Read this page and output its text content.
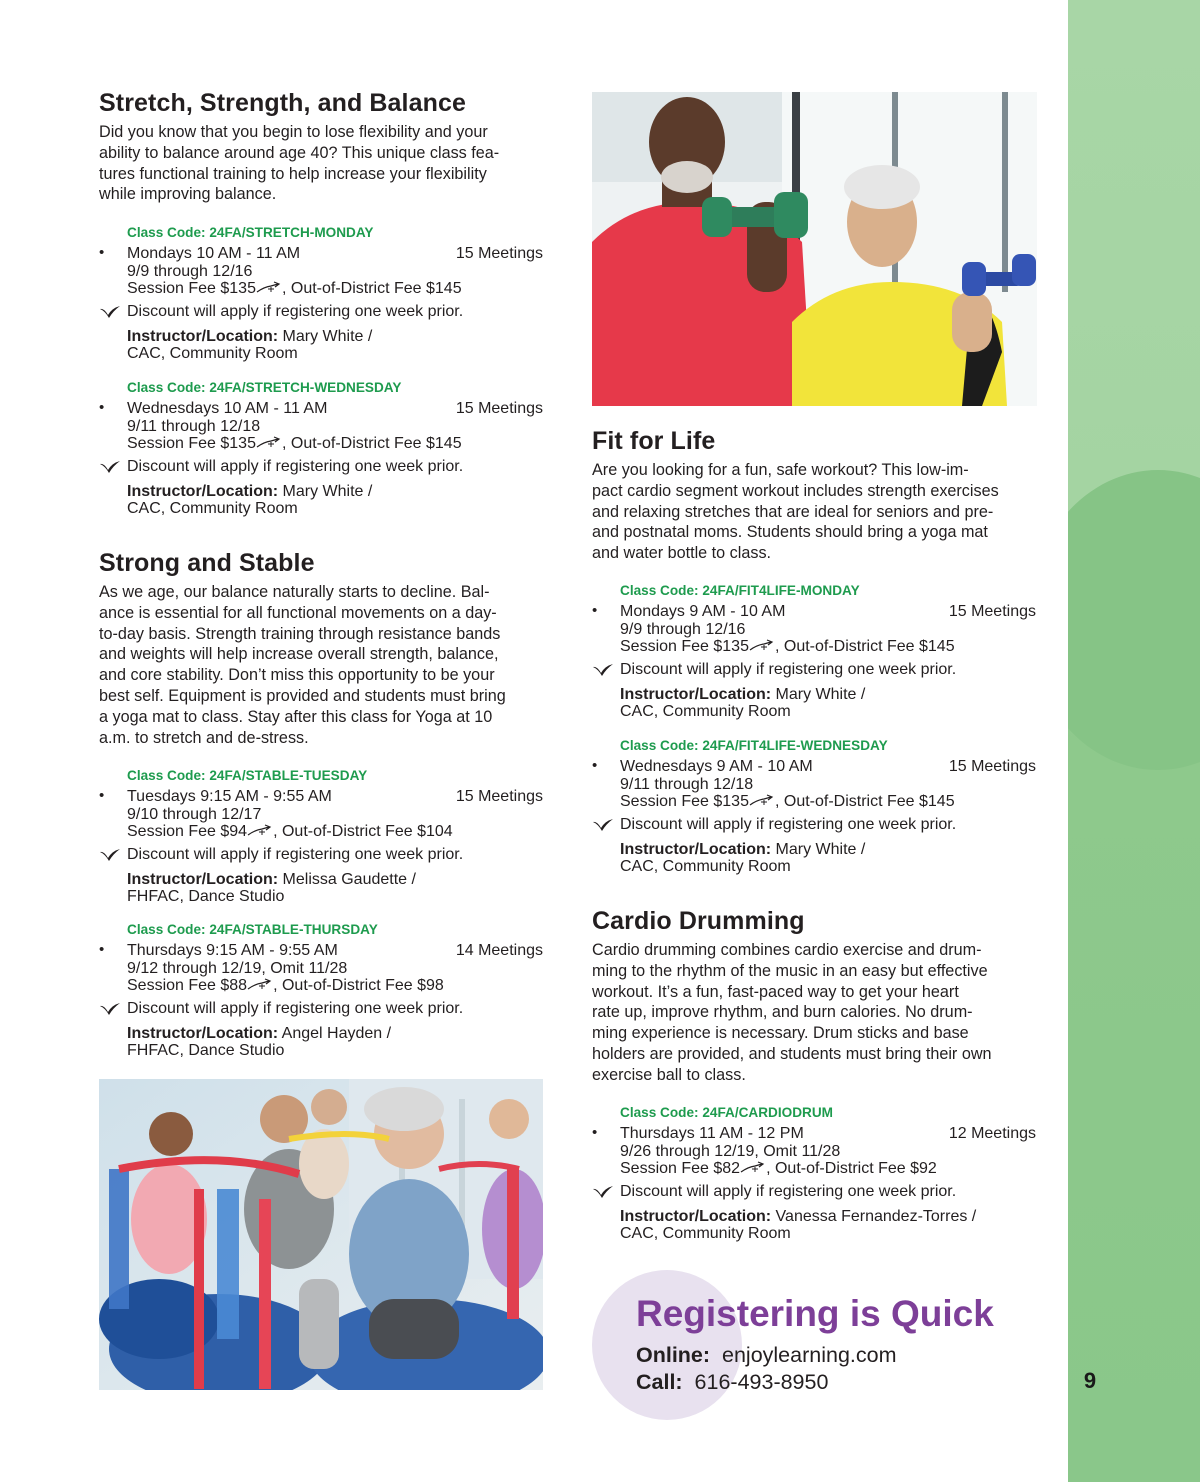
9
Stretch, Strength, and Balance
Did you know that you begin to lose flexibility and your
ability to balance around age 40? This unique class fea-
tures functional training to help increase your flexibility
while improving balance.
Class Code: 24FA/STRETCH-MONDAY
• Mondays 10 AM - 11 AM	15 Meetings
9/9 through 12/16
Session Fee $135 , Out-of-District Fee $145
Discount will apply if registering one week prior.
Instructor/Location: Mary White /
CAC, Community Room
Class Code: 24FA/STRETCH-WEDNESDAY
• Wednesdays 10 AM - 11 AM	15 Meetings
9/11 through 12/18
Session Fee $135 , Out-of-District Fee $145
Discount will apply if registering one week prior.
Instructor/Location: Mary White /
CAC, Community Room
Strong and Stable
As we age, our balance naturally starts to decline. Bal-
ance is essential for all functional movements on a day-
to-day basis. Strength training through resistance bands
and weights will help increase overall strength, balance,
and core stability. Don’t miss this opportunity to be your
best self. Equipment is provided and students must bring
a yoga mat to class. Stay after this class for Yoga at 10
a.m. to stretch and de-stress.
Class Code: 24FA/STABLE-TUESDAY
• Tuesdays 9:15 AM - 9:55 AM	15 Meetings
9/10 through 12/17
Session Fee $94 , Out-of-District Fee $104
Discount will apply if registering one week prior.
Instructor/Location: Melissa Gaudette /
FHFAC, Dance Studio
Class Code: 24FA/STABLE-THURSDAY
• Thursdays 9:15 AM - 9:55 AM	14 Meetings
9/12 through 12/19, Omit 11/28
Session Fee $88 , Out-of-District Fee $98
Discount will apply if registering one week prior.
Instructor/Location: Angel Hayden /
FHFAC, Dance Studio
Fit for Life
Are you looking for a fun, safe workout? This low-im-
pact cardio segment workout includes strength exercises
and relaxing stretches that are ideal for seniors and pre-
and postnatal moms. Students should bring a yoga mat
and water bottle to class.
Class Code: 24FA/FIT4LIFE-MONDAY
• Mondays 9 AM - 10 AM	15 Meetings
9/9 through 12/16
Session Fee $135 , Out-of-District Fee $145
Discount will apply if registering one week prior.
Instructor/Location: Mary White /
CAC, Community Room
Class Code: 24FA/FIT4LIFE-WEDNESDAY
• Wednesdays 9 AM - 10 AM	15 Meetings
9/11 through 12/18
Session Fee $135 , Out-of-District Fee $145
Discount will apply if registering one week prior.
Instructor/Location: Mary White /
CAC, Community Room
Cardio Drumming
Cardio drumming combines cardio exercise and drum-
ming to the rhythm of the music in an easy but effective
workout. It’s a fun, fast-paced way to get your heart
rate up, improve rhythm, and burn calories. No drum-
ming experience is necessary. Drum sticks and base
holders are provided, and students must bring their own
exercise ball to class.
Class Code: 24FA/CARDIODRUM
• Thursdays 11 AM - 12 PM	12 Meetings
9/26 through 12/19, Omit 11/28
Session Fee $82 , Out-of-District Fee $92
Discount will apply if registering one week prior.
Instructor/Location: Vanessa Fernandez-Torres /
CAC, Community Room
Registering is Quick
Online:  enjoylearning.com
Call:  616-493-8950
